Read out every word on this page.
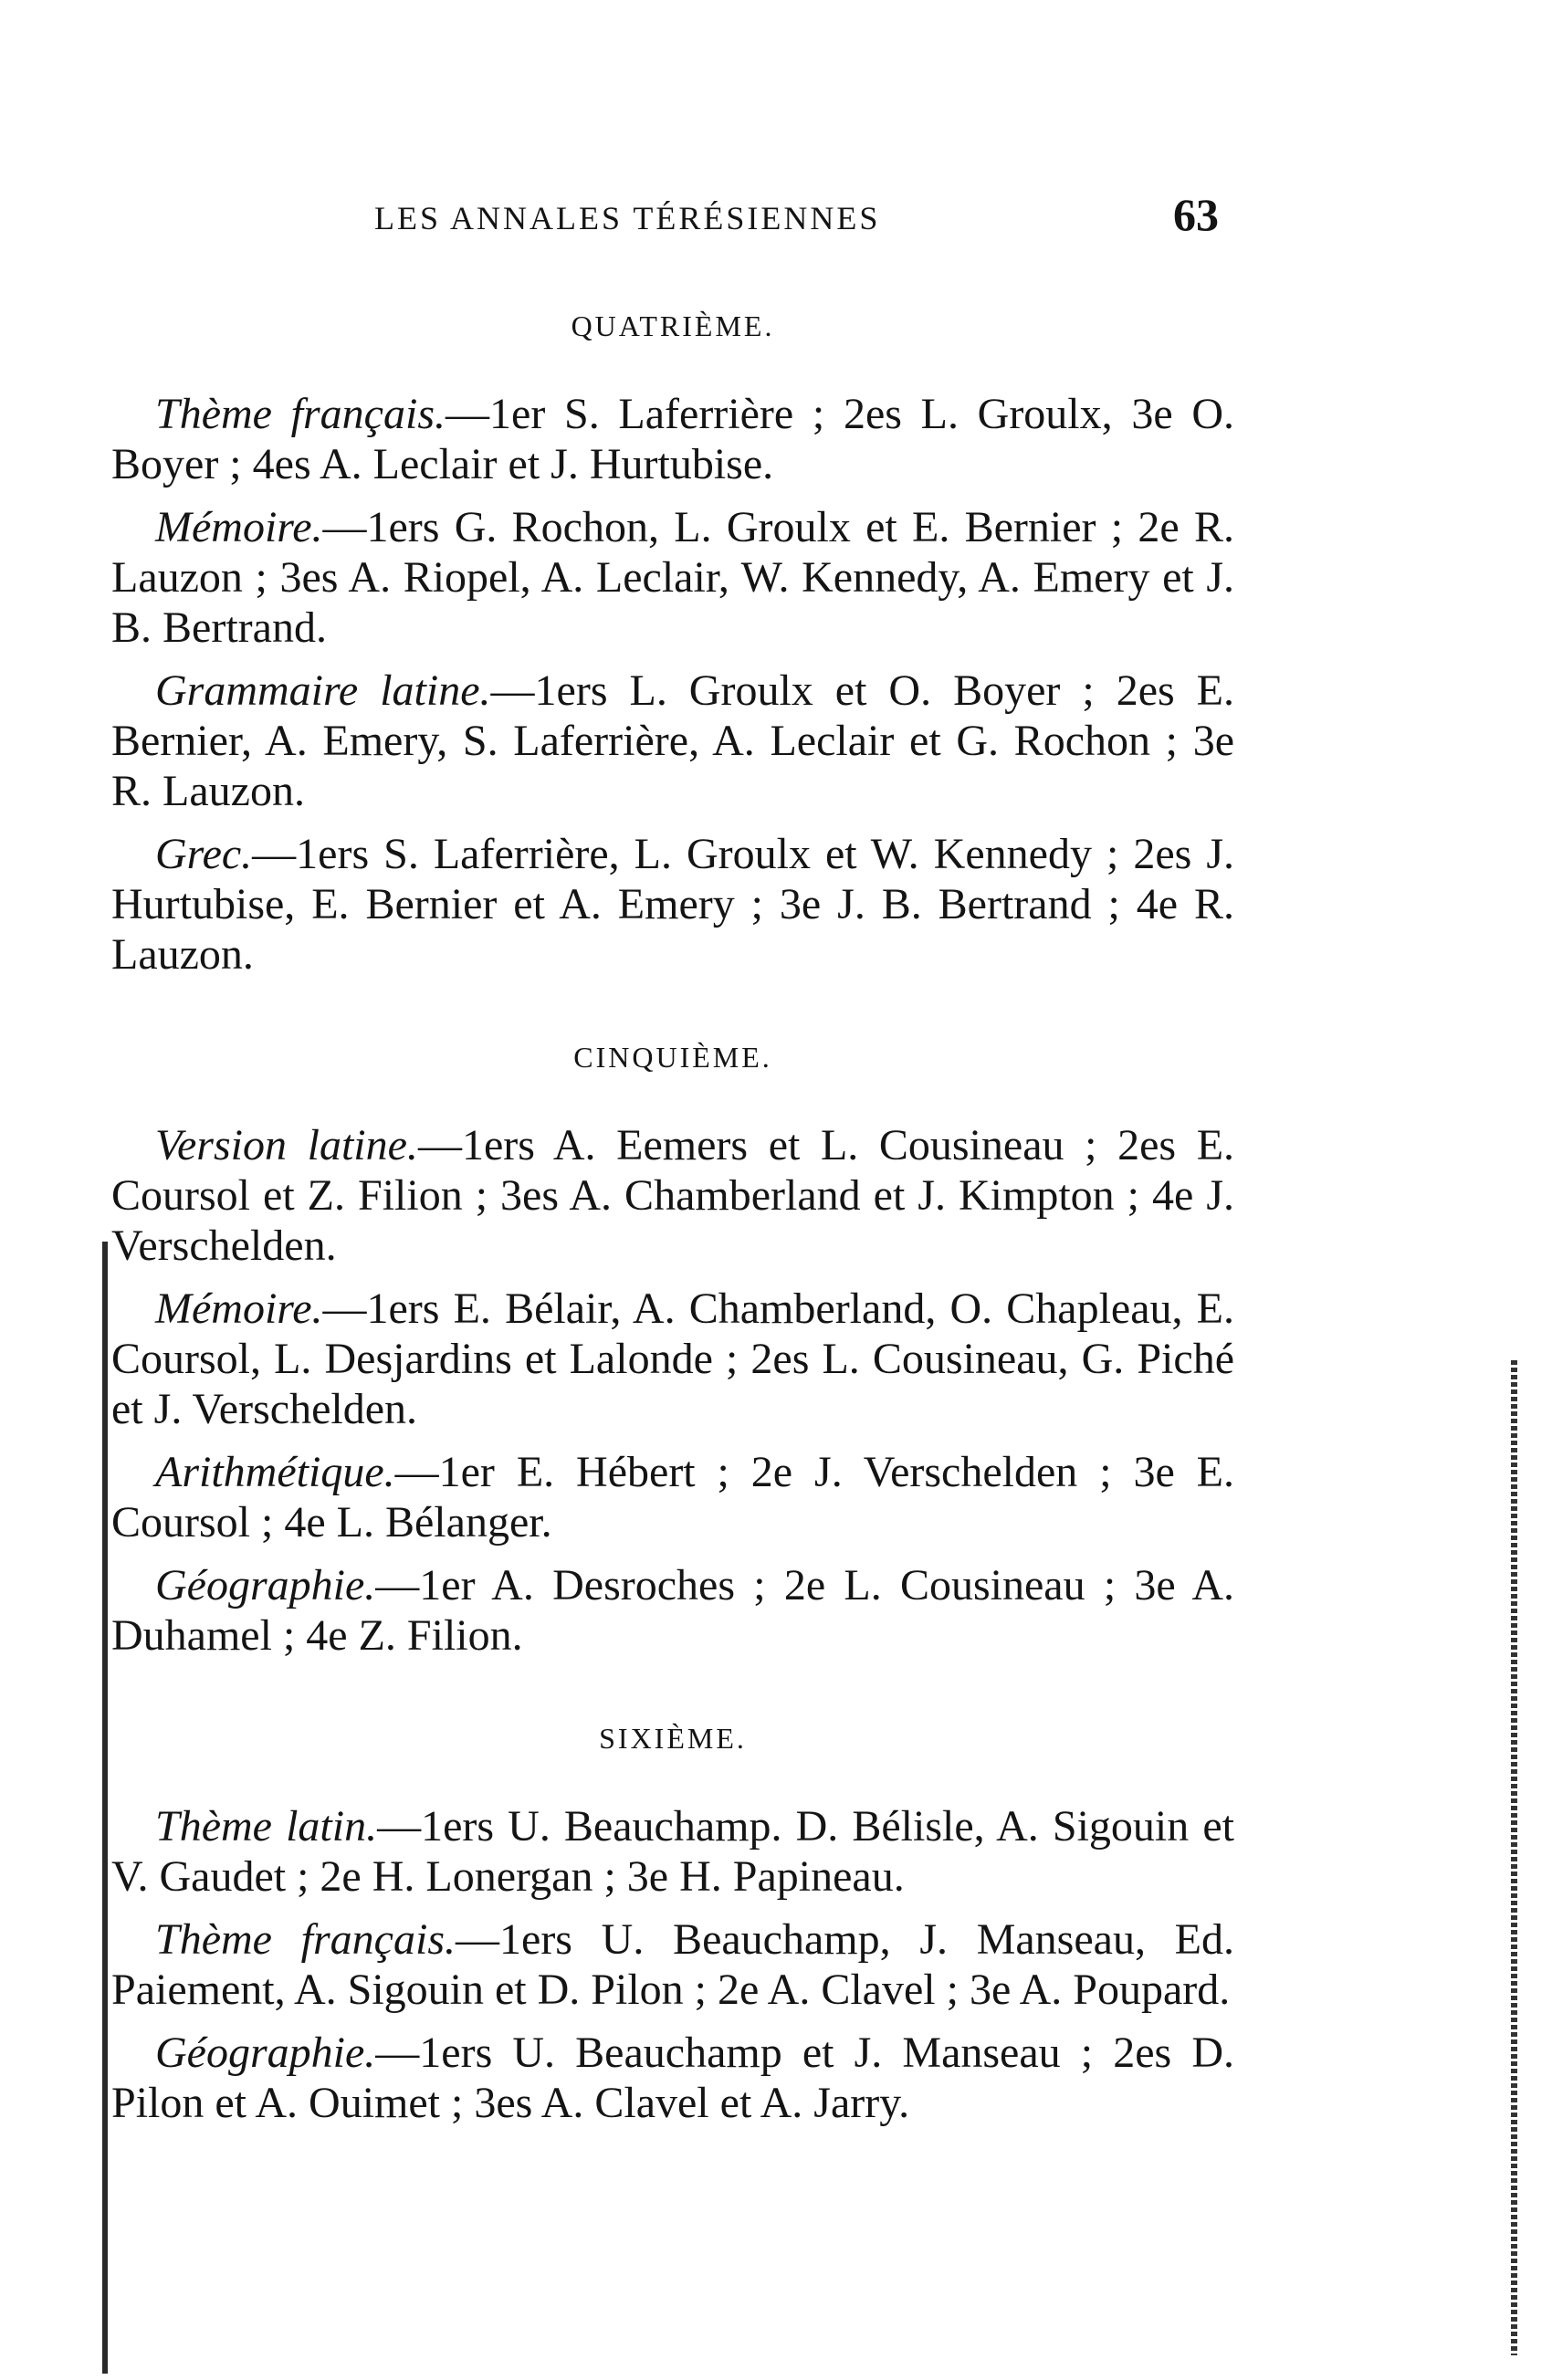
LES ANNALES TÉRÉSIENNES	63
QUATRIÈME.

Thème français.—1er S. Laferrière ; 2es L. Groulx, 3e O. Boyer ; 4es A. Leclair et J. Hurtubise.

Mémoire.—1ers G. Rochon, L. Groulx et E. Bernier ; 2e R. Lauzon ; 3es A. Riopel, A. Leclair, W. Kennedy, A. Emery et J. B. Bertrand.

Grammaire latine.—1ers L. Groulx et O. Boyer ; 2es E. Bernier, A. Emery, S. Laferrière, A. Leclair et G. Rochon ; 3e R. Lauzon.

Grec.—1ers S. Laferrière, L. Groulx et W. Kennedy ; 2es J. Hurtubise, E. Bernier et A. Emery ; 3e J. B. Bertrand ; 4e R. Lauzon.

CINQUIÈME.

Version latine.—1ers A. Eemers et L. Cousineau ; 2es E. Coursol et Z. Filion ; 3es A. Chamberland et J. Kimpton ; 4e J. Verschelden.

Mémoire.—1ers E. Bélair, A. Chamberland, O. Chapleau, E. Coursol, L. Desjardins et Lalonde ; 2es L. Cousineau, G. Piché et J. Verschelden.

Arithmétique.—1er E. Hébert ; 2e J. Verschelden ; 3e E. Coursol ; 4e L. Bélanger.

Géographie.—1er A. Desroches ; 2e L. Cousineau ; 3e A. Duhamel ; 4e Z. Filion.

SIXIÈME.

Thème latin.—1ers U. Beauchamp. D. Bélisle, A. Sigouin et V. Gaudet ; 2e H. Lonergan ; 3e H. Papineau.

Thème français.—1ers U. Beauchamp, J. Manseau, Ed. Paiement, A. Sigouin et D. Pilon ; 2e A. Clavel ; 3e A. Poupard.

Géographie.—1ers U. Beauchamp et J. Manseau ; 2es D. Pilon et A. Ouimet ; 3es A. Clavel et A. Jarry.
